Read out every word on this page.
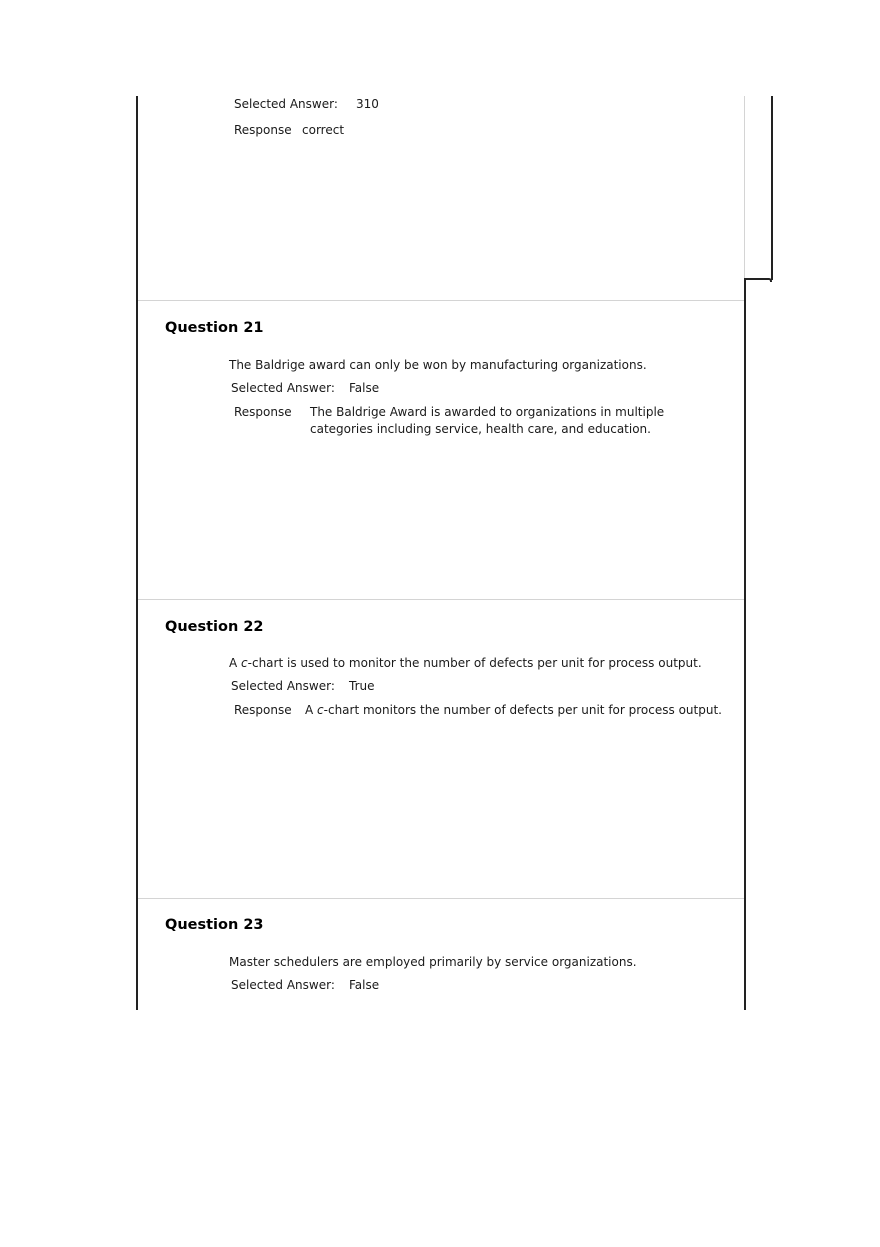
Selected Answer: 310
Response correct
Question 21
The Baldrige award can only be won by manufacturing organizations.
Selected Answer: False
Response The Baldrige Award is awarded to organizations in multiple categories including service, health care, and education.
Question 22
A c-chart is used to monitor the number of defects per unit for process output.
Selected Answer: True
Response A c-chart monitors the number of defects per unit for process output.
Question 23
Master schedulers are employed primarily by service organizations.
Selected Answer: False
